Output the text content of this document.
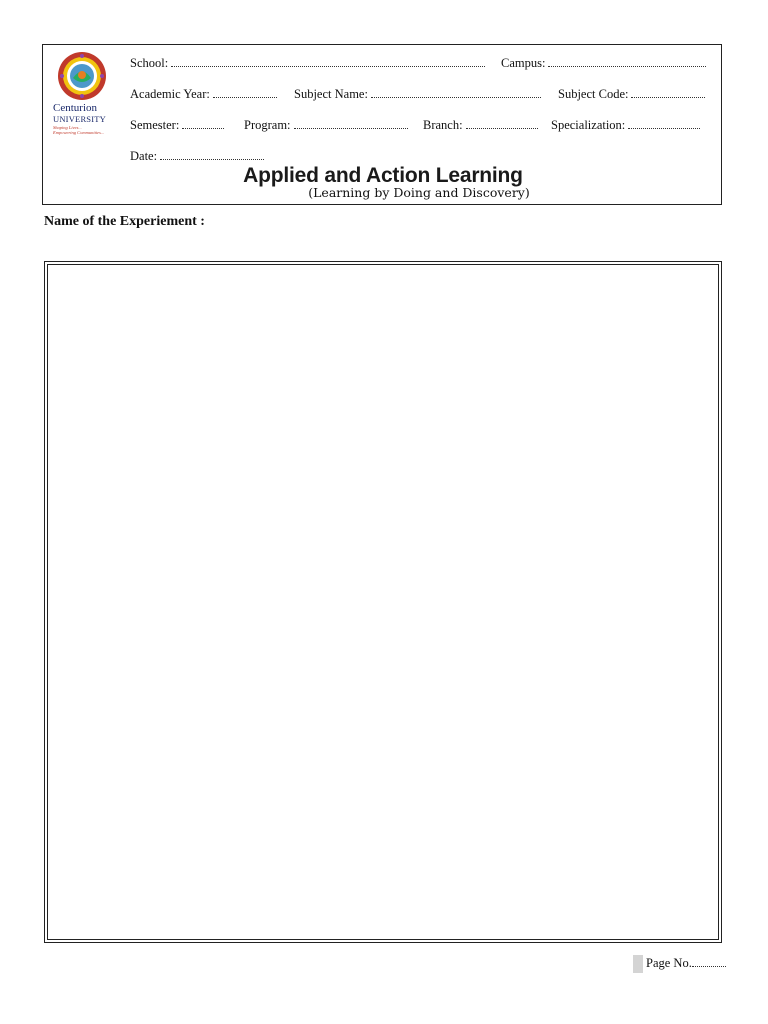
Centurion
UNIVERSITY
Shaping Lives...
Empowering Communities...
School:	Campus:
Academic Year:	Subject Name:	Subject Code:
Semester:	Program:	Branch:	Specialization:
Date:
Applied and Action Learning
(Learning by Doing and Discovery)
Name of the Experiement :
Page No.
